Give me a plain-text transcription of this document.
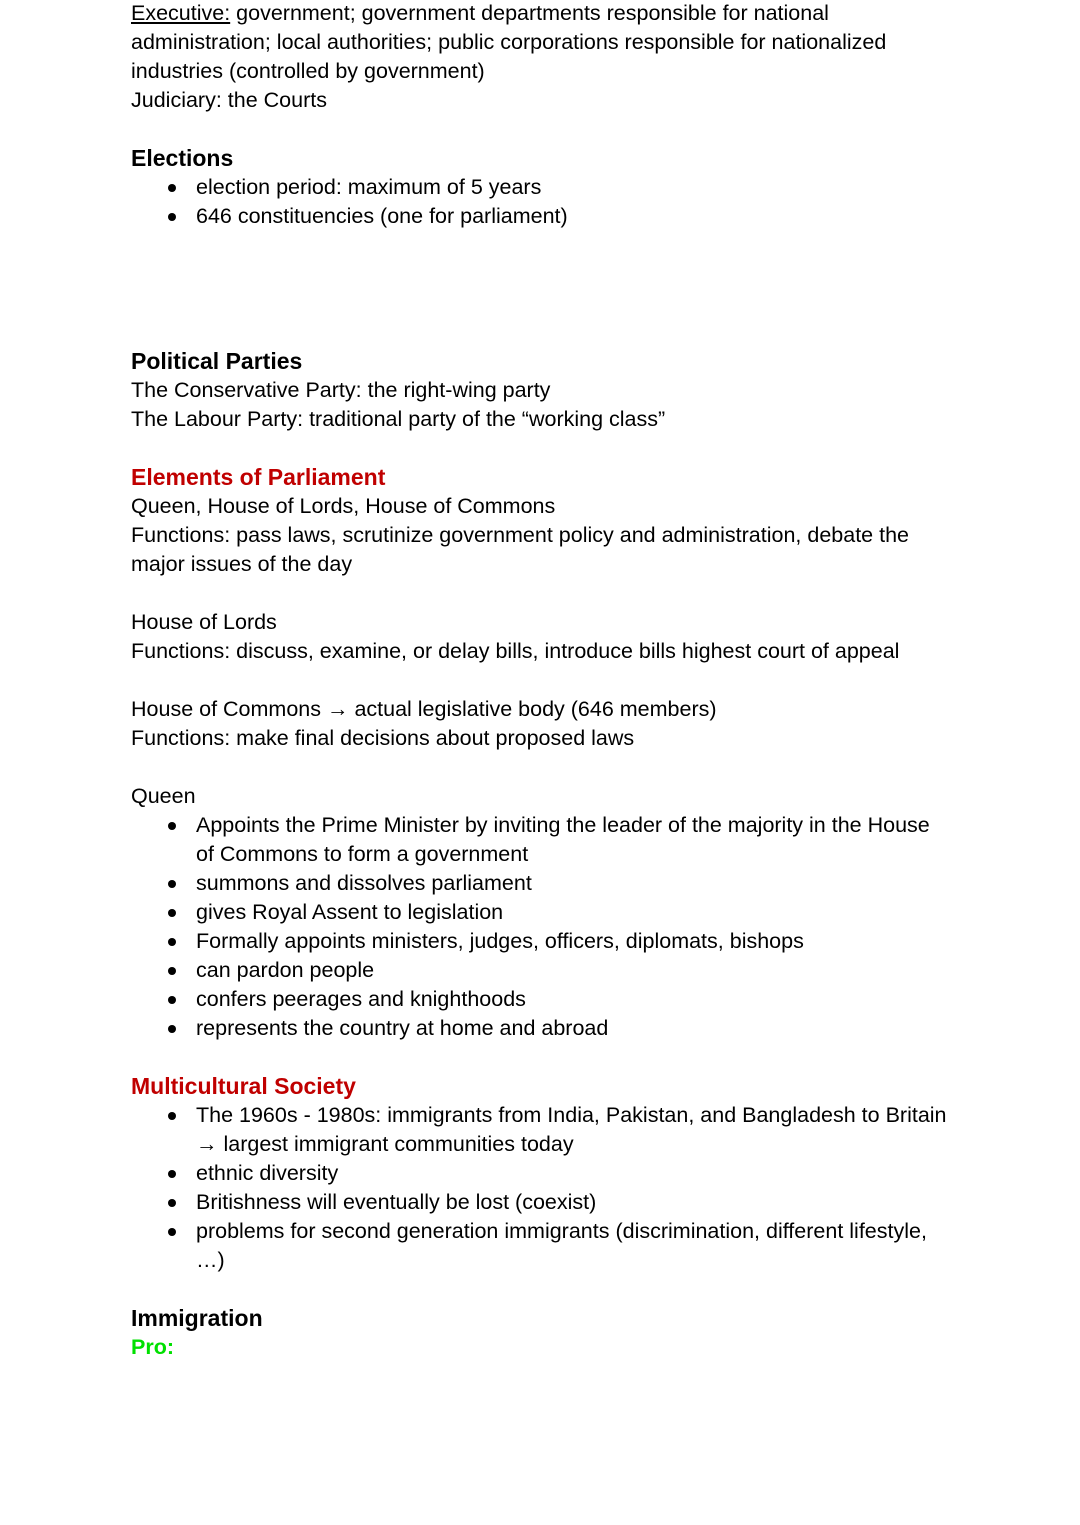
Executive: government; government departments responsible for national administration; local authorities; public corporations responsible for nationalized industries (controlled by government)

Judiciary: the Courts

Elections

election period: maximum of 5 years
646 constituencies (one for parliament)

Political Parties

The Conservative Party: the right-wing party

The Labour Party: traditional party of the “working class”

Elements of Parliament

Queen, House of Lords, House of Commons

Functions: pass laws, scrutinize government policy and administration, debate the major issues of the day

House of Lords

Functions: discuss, examine, or delay bills, introduce bills highest court of appeal

House of Commons → actual legislative body (646 members)

Functions: make final decisions about proposed laws

Queen

Appoints the Prime Minister by inviting the leader of the majority in the House of Commons to form a government
summons and dissolves parliament
gives Royal Assent to legislation
Formally appoints ministers, judges, officers, diplomats, bishops
can pardon people
confers peerages and knighthoods
represents the country at home and abroad

Multicultural Society

The 1960s - 1980s: immigrants from India, Pakistan, and Bangladesh to Britain
→ largest immigrant communities today
ethnic diversity
Britishness will eventually be lost (coexist)
problems for second generation immigrants (discrimination, different lifestyle, …)

Immigration

Pro:
